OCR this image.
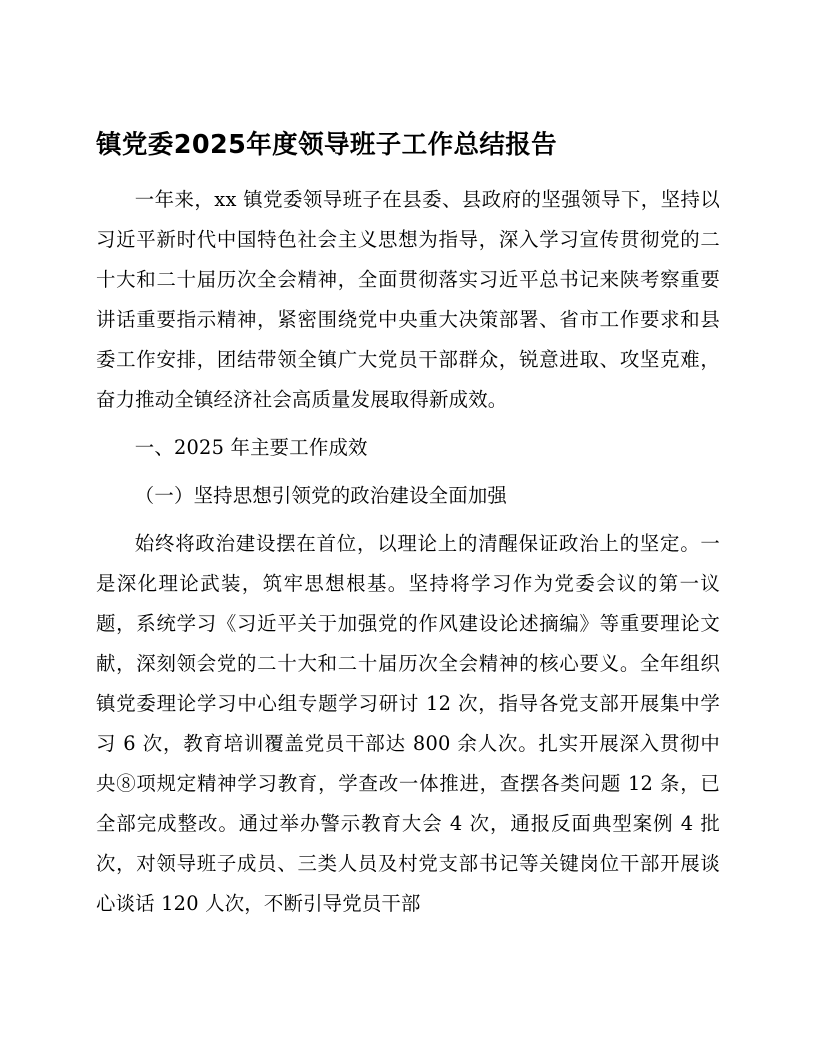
镇党委2025年度领导班子工作总结报告

一年来，xx 镇党委领导班子在县委、县政府的坚强领导下，坚持以习近平新时代中国特色社会主义思想为指导，深入学习宣传贯彻党的二十大和二十届历次全会精神，全面贯彻落实习近平总书记来陕考察重要讲话重要指示精神，紧密围绕党中央重大决策部署、省市工作要求和县委工作安排，团结带领全镇广大党员干部群众，锐意进取、攻坚克难，奋力推动全镇经济社会高质量发展取得新成效。

一、2025 年主要工作成效

（一）坚持思想引领党的政治建设全面加强

始终将政治建设摆在首位，以理论上的清醒保证政治上的坚定。一是深化理论武装，筑牢思想根基。坚持将学习作为党委会议的第一议题，系统学习《习近平关于加强党的作风建设论述摘编》等重要理论文献，深刻领会党的二十大和二十届历次全会精神的核心要义。全年组织镇党委理论学习中心组专题学习研讨 12 次，指导各党支部开展集中学习 6 次，教育培训覆盖党员干部达 800 余人次。扎实开展深入贯彻中央⑧项规定精神学习教育，学查改一体推进，查摆各类问题 12 条，已全部完成整改。通过举办警示教育大会 4 次，通报反面典型案例 4 批次，对领导班子成员、三类人员及村党支部书记等关键岗位干部开展谈心谈话 120 人次，不断引导党员干部
